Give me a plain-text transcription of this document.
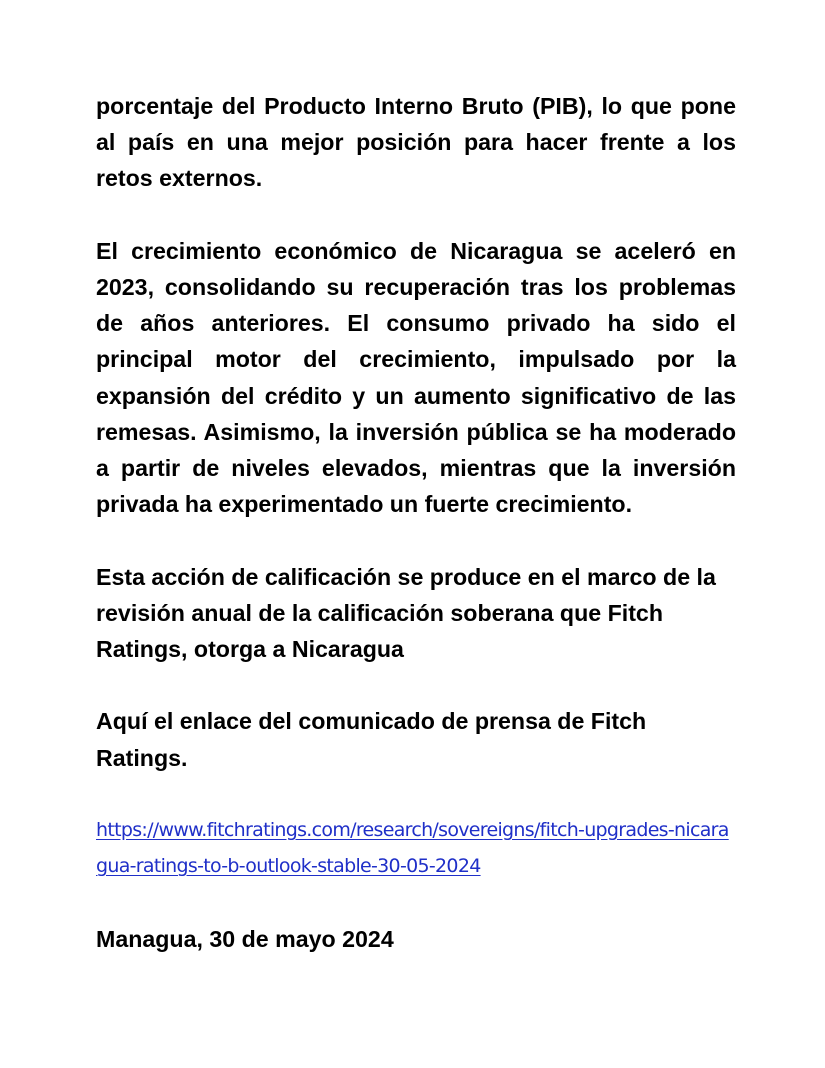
porcentaje del Producto Interno Bruto (PIB), lo que pone al país en una mejor posición para hacer frente a los retos externos.

El crecimiento económico de Nicaragua se aceleró en 2023, consolidando su recuperación tras los problemas de años anteriores. El consumo privado ha sido el principal motor del crecimiento, impulsado por la expansión del crédito y un aumento significativo de las remesas. Asimismo, la inversión pública se ha moderado a partir de niveles elevados, mientras que la inversión privada ha experimentado un fuerte crecimiento.

Esta acción de calificación se produce en el marco de la revisión anual de la calificación soberana que Fitch Ratings, otorga a Nicaragua

Aquí el enlace del comunicado de prensa de Fitch Ratings.

https://www.fitchratings.com/research/sovereigns/fitch-upgrades-nicaragua-ratings-to-b-outlook-stable-30-05-2024

Managua, 30 de mayo 2024
